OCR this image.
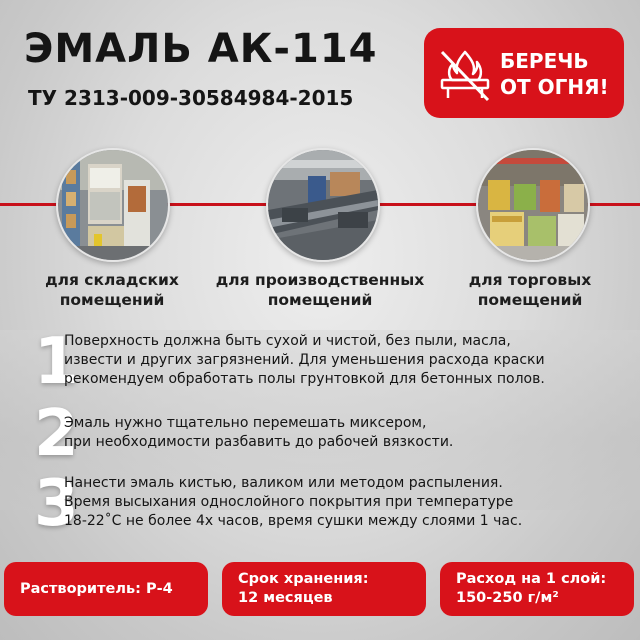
ЭМАЛЬ АК-114
ТУ 2313-009-30584984-2015
БЕРЕЧЬ
ОТ ОГНЯ!
для складских
помещений
для производственных
помещений
для торговых
помещений
1
Поверхность должна быть сухой и чистой, без пыли, масла,
извести и других загрязнений. Для уменьшения расхода краски
рекомендуем обработать полы грунтовкой для бетонных полов.
2
Эмаль нужно тщательно перемешать миксером,
при необходимости разбавить до рабочей вязкости.
3
Нанести эмаль кистью, валиком или методом распыления.
Время высыхания однослойного покрытия при температуре
18-22˚С не более 4х часов, время сушки между слоями 1 час.
Растворитель: Р-4
Срок хранения:
12 месяцев
Расход на 1 слой:
150-250 г/м²
